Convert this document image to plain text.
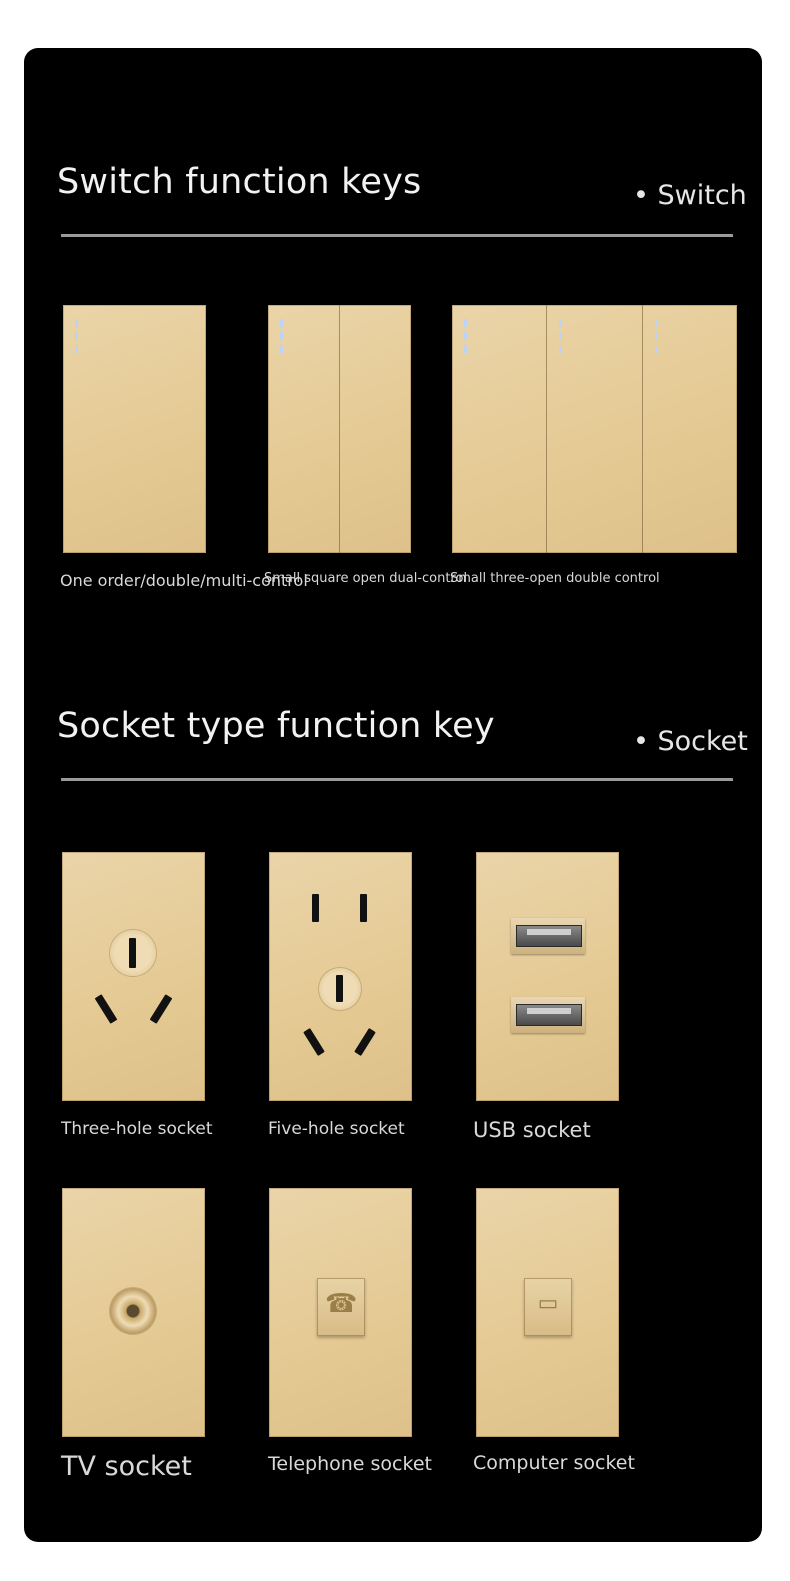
Switch function keys	• Switch
One order/double/multi-control
Small square open dual-control
Small three-open double control
Socket type function key	• Socket
Three-hole socket	Five-hole socket	USB socket
TV socket
☎
Telephone socket
▭
Computer socket
